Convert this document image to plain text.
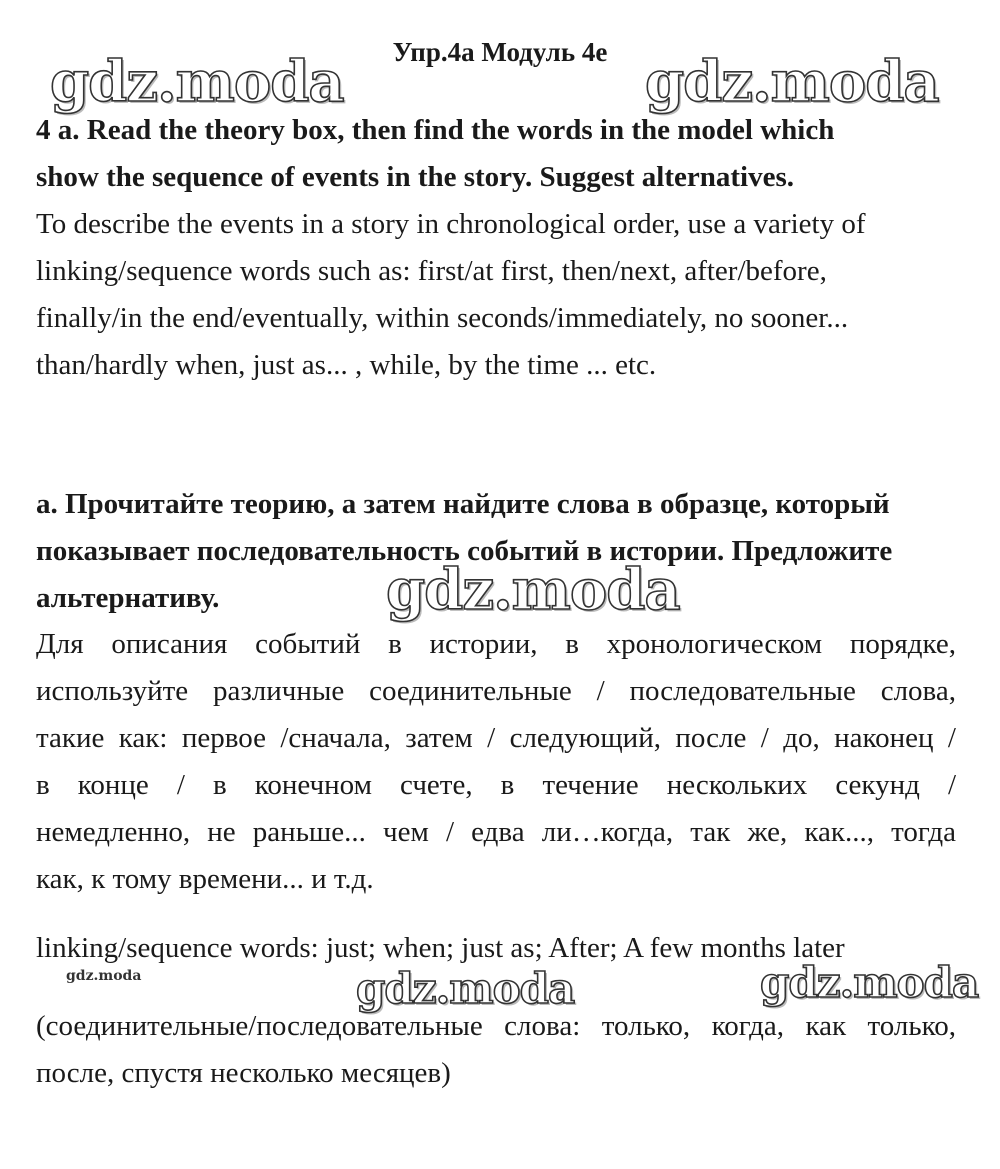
gdz.moda	gdz.moda
gdz.moda
gdz.moda	gdz.moda	gdz.moda
Упр.4a Модуль 4e
4 a. Read the theory box, then find the words in the model which
show the sequence of events in the story. Suggest alternatives.
To describe the events in a story in chronological order, use a variety of
linking/sequence words such as: first/at first, then/next, after/before,
finally/in the end/eventually, within seconds/immediately, no sooner...
than/hardly when, just as... , while, by the time ... etc.
а. Прочитайте теорию, а затем найдите слова в образце, который
показывает последовательность событий в истории. Предложите
альтернативу.
Для описания событий в истории, в хронологическом порядке,
используйте различные соединительные / последовательные слова,
такие как: первое /сначала, затем / следующий, после / до, наконец /
в конце / в конечном счете, в течение нескольких секунд /
немедленно, не раньше... чем / едва ли…когда, так же, как..., тогда
как, к тому времени... и т.д.
linking/sequence words: just; when; just as; After; A few months later
(соединительные/последовательные слова: только, когда, как только,
после, спустя несколько месяцев)
